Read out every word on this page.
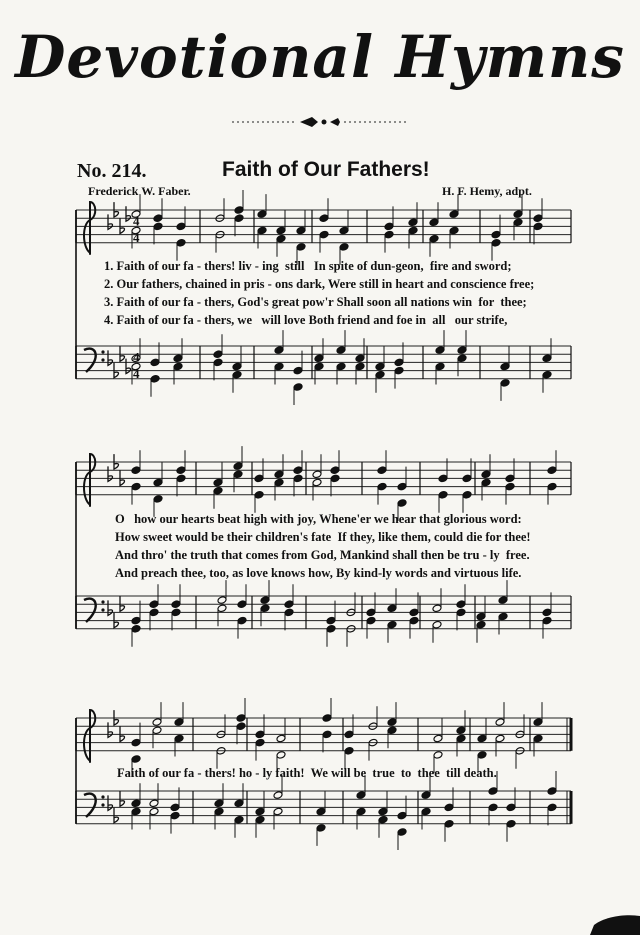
Devotional Hymns
No. 214.	Faith of Our Fathers!
Frederick W. Faber.	H. F. Hemy, adpt.
4
4
4
4
1. Faith of our fa - thers! liv - ing  still   In spite of dun-geon,  fire and sword;
2. Our fathers, chained in pris - ons dark, Were still in heart and conscience free;
3. Faith of our fa - thers, God's great pow'r Shall soon all nations win  for  thee;
4. Faith of our fa - thers, we   will love Both friend and foe in  all   our strife,
O   how our hearts beat high with joy, Whene'er we hear that glorious word:
How sweet would be their children's fate  If they, like them, could die for thee!
And thro' the truth that comes from God, Mankind shall then be tru - ly  free.
And preach thee, too, as love knows how, By kind-ly words and virtuous life.
Faith of our fa - thers! ho - ly faith!  We will be  true  to  thee  till death.
